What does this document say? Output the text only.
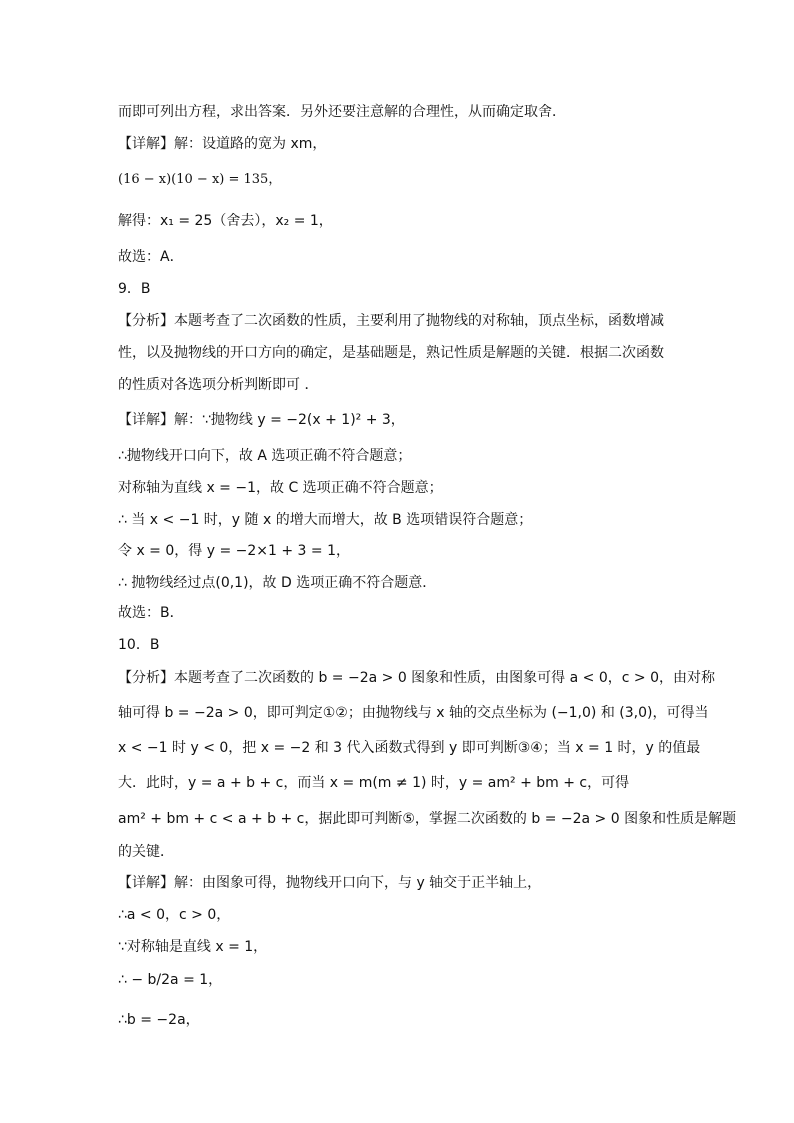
而即可列出方程，求出答案．另外还要注意解的合理性，从而确定取舍．
【详解】解：设道路的宽为 xm，
(16 − x)(10 − x) = 135，
解得：x₁ = 25（舍去），x₂ = 1，
故选：A．
9．B
【分析】本题考查了二次函数的性质，主要利用了抛物线的对称轴，顶点坐标，函数增减
性，以及抛物线的开口方向的确定，是基础题是，熟记性质是解题的关键．根据二次函数
的性质对各选项分析判断即可 ．
【详解】解：∵抛物线 y = −2(x + 1)² + 3，
∴抛物线开口向下，故 A 选项正确不符合题意；
对称轴为直线 x = −1，故 C 选项正确不符合题意；
∴ 当 x < −1 时，y 随 x 的增大而增大，故 B 选项错误符合题意；
令 x = 0，得 y = −2×1 + 3 = 1，
∴ 抛物线经过点(0,1)，故 D 选项正确不符合题意．
故选：B．
10．B
【分析】本题考查了二次函数的 b = −2a > 0 图象和性质，由图象可得 a < 0，c > 0，由对称
轴可得 b = −2a > 0，即可判定①②；由抛物线与 x 轴的交点坐标为 (−1,0) 和 (3,0)，可得当
x < −1 时 y < 0，把 x = −2 和 3 代入函数式得到 y 即可判断③④；当 x = 1 时，y 的值最
大．此时，y = a + b + c，而当 x = m(m ≠ 1) 时，y = am² + bm + c，可得
am² + bm + c < a + b + c，据此即可判断⑤，掌握二次函数的 b = −2a > 0 图象和性质是解题
的关键．
【详解】解：由图象可得，抛物线开口向下，与 y 轴交于正半轴上，
∴a < 0，c > 0，
∵对称轴是直线 x = 1，
∴ − b/2a = 1，
∴b = −2a，
